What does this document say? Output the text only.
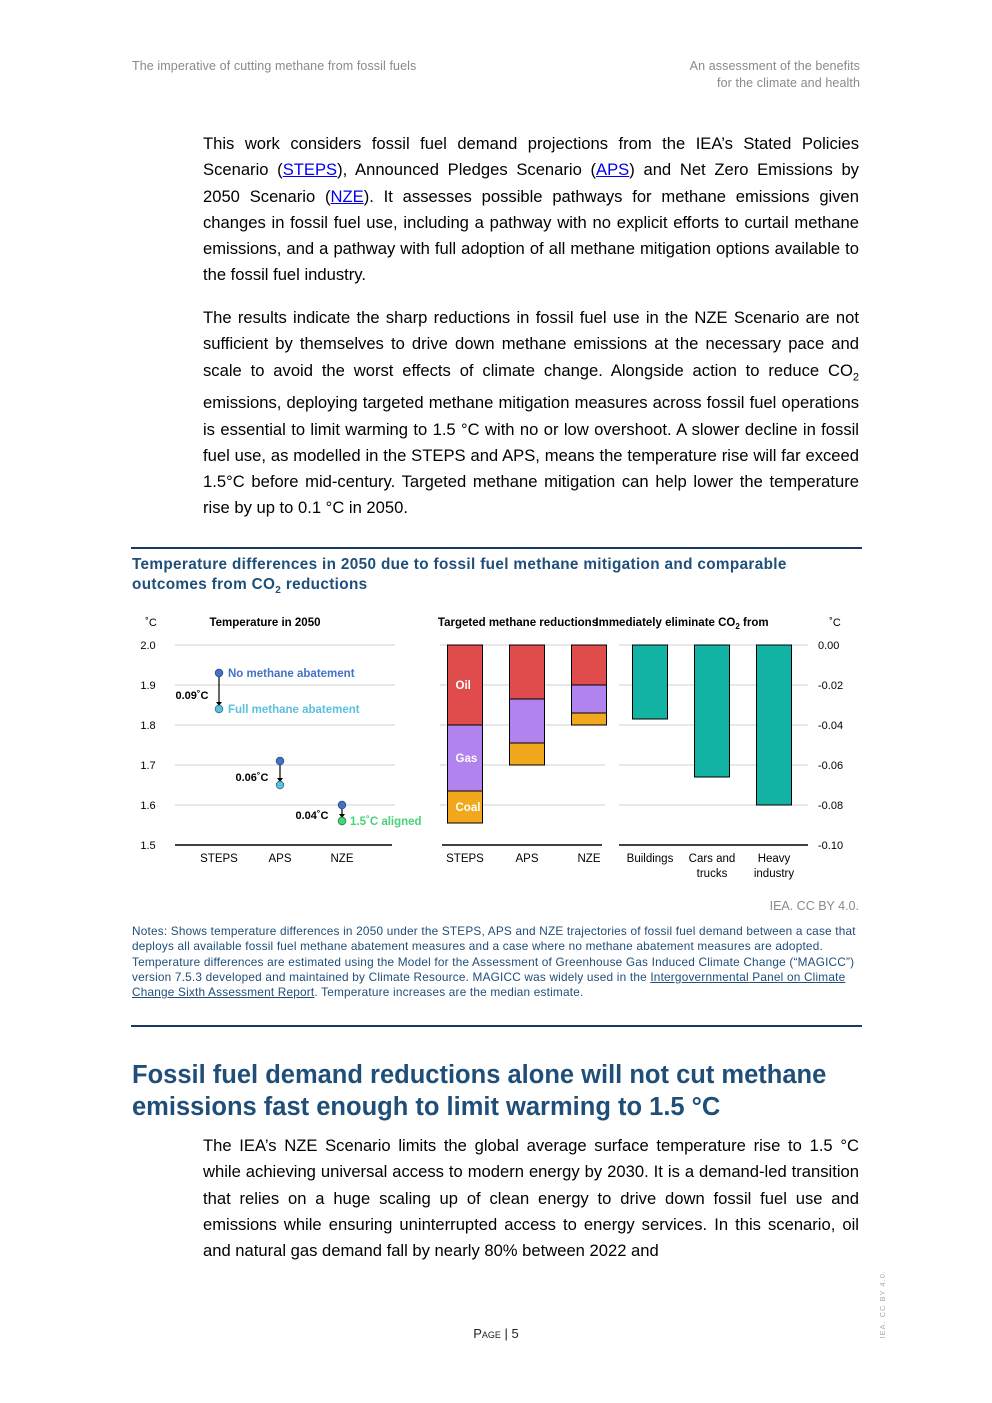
The imperative of cutting methane from fossil fuels	An assessment of the benefits
for the climate and health

This work considers fossil fuel demand projections from the IEA’s Stated Policies Scenario (STEPS), Announced Pledges Scenario (APS) and Net Zero Emissions by 2050 Scenario (NZE). It assesses possible pathways for methane emissions given changes in fossil fuel use, including a pathway with no explicit efforts to curtail methane emissions, and a pathway with full adoption of all methane mitigation options available to the fossil fuel industry.

The results indicate the sharp reductions in fossil fuel use in the NZE Scenario are not sufficient by themselves to drive down methane emissions at the necessary pace and scale to avoid the worst effects of climate change. Alongside action to reduce $CO_2$ emissions, deploying targeted methane mitigation measures across fossil fuel operations is essential to limit warming to 1.5 °C with no or low overshoot. A slower decline in fossil fuel use, as modelled in the STEPS and APS, means the temperature rise will far exceed 1.5°C before mid-century. Targeted methane mitigation can help lower the temperature rise by up to 0.1 °C in 2050.

Temperature differences in 2050 due to fossil fuel methane mitigation and comparable outcomes from $CO_2$ reductions
˚C	Temperature in 2050
2.0
1.9
1.8
1.7
1.6
1.5
STEPS	APS	NZE
0.09˚C
0.06˚C
0.04˚C
No methane abatement
Full methane abatement
1.5˚C aligned
Targeted methane reductions
Immediately eliminate $CO_2$ from	˚C
0.00
-0.02
-0.04
-0.06
-0.08
-0.10
Oil
Gas
Coal
STEPS	APS	NZE Buildings Cars and
trucks
Heavy
industry
IEA. CC BY 4.0.
Notes: Shows temperature differences in 2050 under the STEPS, APS and NZE trajectories of fossil fuel demand between a case that deploys all available fossil fuel methane abatement measures and a case where no methane abatement measures are adopted. Temperature differences are estimated using the Model for the Assessment of Greenhouse Gas Induced Climate Change (“MAGICC”) version 7.5.3 developed and maintained by Climate Resource. MAGICC was widely used in the Intergovernmental Panel on Climate Change Sixth Assessment Report. Temperature increases are the median estimate.
Fossil fuel demand reductions alone will not cut methane emissions fast enough to limit warming to 1.5 °C

The IEA’s NZE Scenario limits the global average surface temperature rise to 1.5 °C while achieving universal access to modern energy by 2030. It is a demand-led transition that relies on a huge scaling up of clean energy to drive down fossil fuel use and emissions while ensuring uninterrupted access to energy services. In this scenario, oil and natural gas demand fall by nearly 80% between 2022 and

Page | 5	IEA. CC BY 4.0.
